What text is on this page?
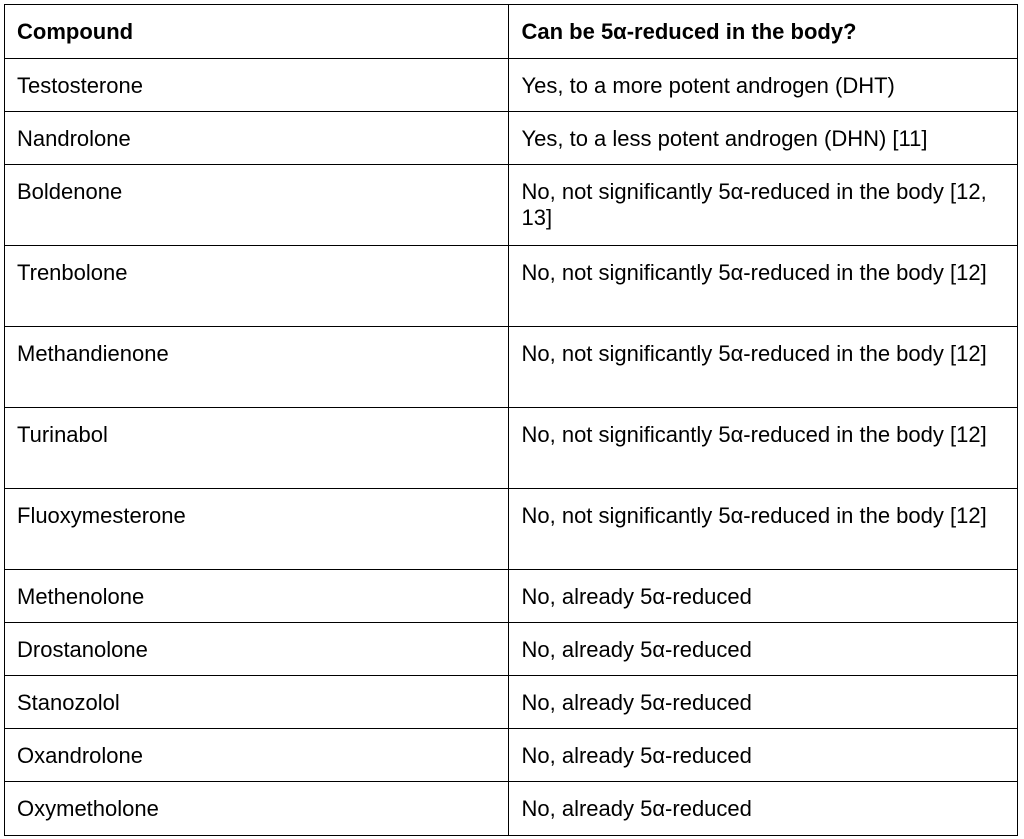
Compound	Can be 5α-reduced in the body?

Testosterone	Yes, to a more potent androgen (DHT)

Nandrolone	Yes, to a less potent androgen (DHN) [11]

Boldenone	No, not significantly 5α-reduced in the body [12, 13]

Trenbolone	No, not significantly 5α-reduced in the body [12]

Methandienone	No, not significantly 5α-reduced in the body [12]

Turinabol	No, not significantly 5α-reduced in the body [12]

Fluoxymesterone	No, not significantly 5α-reduced in the body [12]

Methenolone	No, already 5α-reduced

Drostanolone	No, already 5α-reduced

Stanozolol	No, already 5α-reduced

Oxandrolone	No, already 5α-reduced

Oxymetholone	No, already 5α-reduced
